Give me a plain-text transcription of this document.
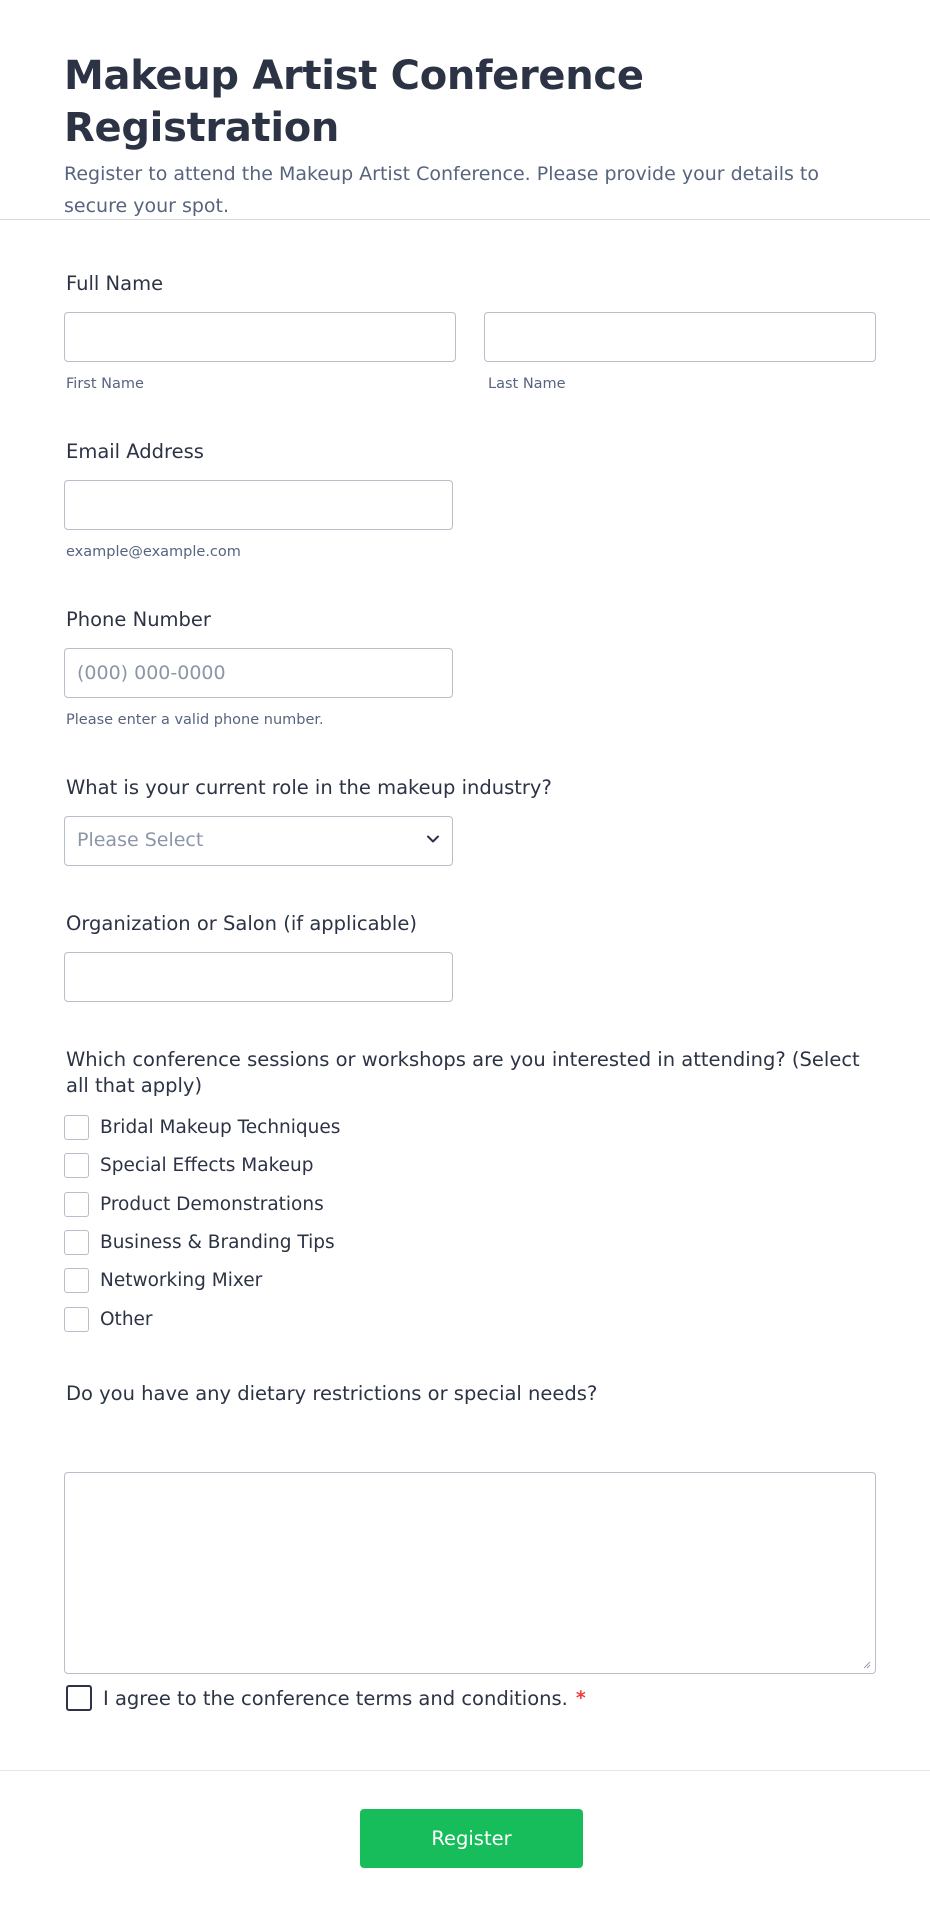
Makeup Artist Conference Registration

Register to attend the Makeup Artist Conference. Please provide your details to secure your spot.

Full Name
First Name	Last Name
Email Address
example@example.com
Phone Number
(000) 000-0000
Please enter a valid phone number.
What is your current role in the makeup industry?
Please Select
Organization or Salon (if applicable)
Which conference sessions or workshops are you interested in attending? (Select all that apply)
Bridal Makeup Techniques
Special Effects Makeup
Product Demonstrations
Business & Branding Tips
Networking Mixer
Other
Do you have any dietary restrictions or special needs?
I agree to the conference terms and conditions. *
Register
